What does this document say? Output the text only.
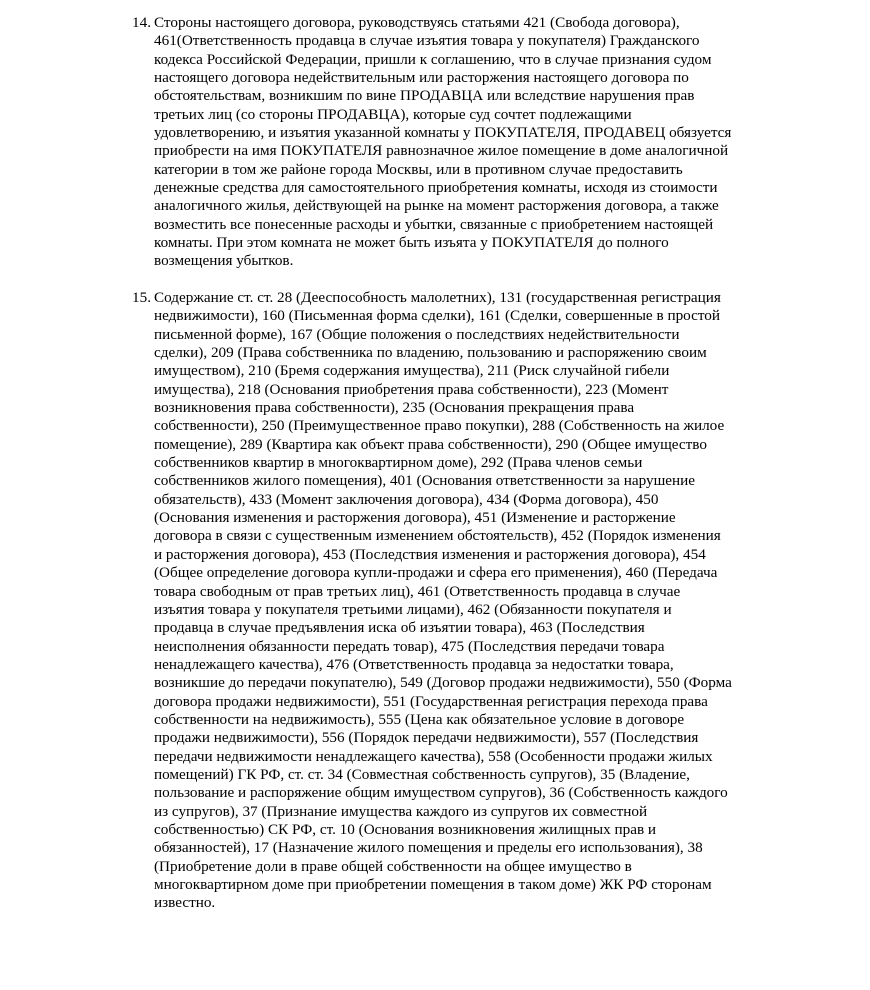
14. Стороны настоящего договора, руководствуясь статьями 421 (Свобода договора), 461(Ответственность продавца в случае изъятия товара у покупателя) Гражданского кодекса Российской Федерации, пришли к соглашению, что в случае признания судом настоящего договора недействительным или расторжения настоящего договора по обстоятельствам, возникшим по вине ПРОДАВЦА или вследствие нарушения прав третьих лиц (со стороны ПРОДАВЦА), которые суд сочтет подлежащими удовлетворению, и изъятия указанной комнаты у ПОКУПАТЕЛЯ, ПРОДАВЕЦ обязуется приобрести на имя ПОКУПАТЕЛЯ равнозначное жилое помещение в доме аналогичной категории в том же районе города Москвы, или в противном случае предоставить денежные средства для самостоятельного приобретения комнаты, исходя из стоимости аналогичного жилья, действующей на рынке на момент расторжения договора, а также возместить все понесенные расходы и убытки, связанные с приобретением настоящей комнаты. При этом комната не может быть изъята у ПОКУПАТЕЛЯ до полного возмещения убытков.
15. Содержание ст. ст. 28 (Дееспособность малолетних), 131 (государственная регистрация недвижимости), 160 (Письменная форма сделки), 161 (Сделки, совершенные в простой письменной форме), 167 (Общие положения о последствиях недействительности сделки), 209 (Права собственника по владению, пользованию и распоряжению своим имуществом), 210 (Бремя содержания имущества), 211 (Риск случайной гибели имущества), 218 (Основания приобретения права собственности), 223 (Момент возникновения права собственности), 235 (Основания прекращения права собственности), 250 (Преимущественное право покупки), 288 (Собственность на жилое помещение), 289 (Квартира как объект права собственности), 290 (Общее имущество собственников квартир в многоквартирном доме), 292 (Права членов семьи собственников жилого помещения), 401 (Основания ответственности за нарушение обязательств), 433 (Момент заключения договора), 434 (Форма договора), 450 (Основания изменения и расторжения договора), 451 (Изменение и расторжение договора в связи с существенным изменением обстоятельств), 452 (Порядок изменения и расторжения договора), 453 (Последствия изменения и расторжения договора), 454 (Общее определение договора купли-продажи и сфера его применения), 460 (Передача товара свободным от прав третьих лиц), 461 (Ответственность продавца в случае изъятия товара у покупателя третьими лицами), 462 (Обязанности покупателя и продавца в случае предъявления иска об изъятии товара), 463 (Последствия неисполнения обязанности передать товар), 475 (Последствия передачи товара ненадлежащего качества), 476 (Ответственность продавца за недостатки товара, возникшие до передачи покупателю), 549 (Договор продажи недвижимости), 550 (Форма договора продажи недвижимости), 551 (Государственная регистрация перехода права собственности на недвижимость), 555 (Цена как обязательное условие в договоре продажи недвижимости), 556 (Порядок передачи недвижимости), 557 (Последствия передачи недвижимости ненадлежащего качества), 558 (Особенности продажи жилых помещений) ГК РФ, ст. ст. 34 (Совместная собственность супругов), 35 (Владение, пользование и распоряжение общим имуществом супругов), 36 (Собственность каждого из супругов), 37 (Признание имущества каждого из супругов их совместной собственностью) СК РФ, ст. 10 (Основания возникновения жилищных прав и обязанностей), 17 (Назначение жилого помещения и пределы его использования), 38 (Приобретение доли в праве общей собственности на общее имущество в многоквартирном доме при приобретении помещения в таком доме) ЖК РФ сторонам известно.
